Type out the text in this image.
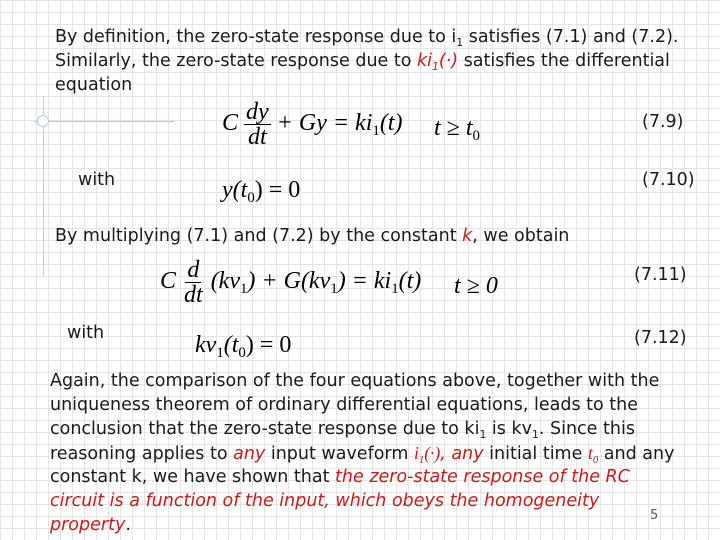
By definition, the zero-state response due to $i_1$ satisfies (7.1) and (7.2).
Similarly, the zero-state response due to $ki_1(\cdot)$ satisfies the differential
equation
C $\frac{dy}{dt} + Gy = ki_1(t) t \ge t_0$
(7.9)
with	$y(t_0) = 0$	(7.10)
By multiplying (7.1) and (7.2) by the constant k, we obtain
C $\frac{d}{dt} (kv_1) + G(kv_1) = ki_1(t) t \ge 0$	(7.11)
with	$kv_1(t_0) = 0$	(7.12)
Again, the comparison of the four equations above, together with the
uniqueness theorem of ordinary differential equations, leads to the
conclusion that the zero-state response due to $ki_1$ is $kv_1$. Since this
reasoning applies to any input waveform $i_1(\cdot)$, any initial time $t_0$ and any
constant k, we have shown that the zero-state response of the RC
circuit is a function of the input, which obeys the homogeneity
property.	5
